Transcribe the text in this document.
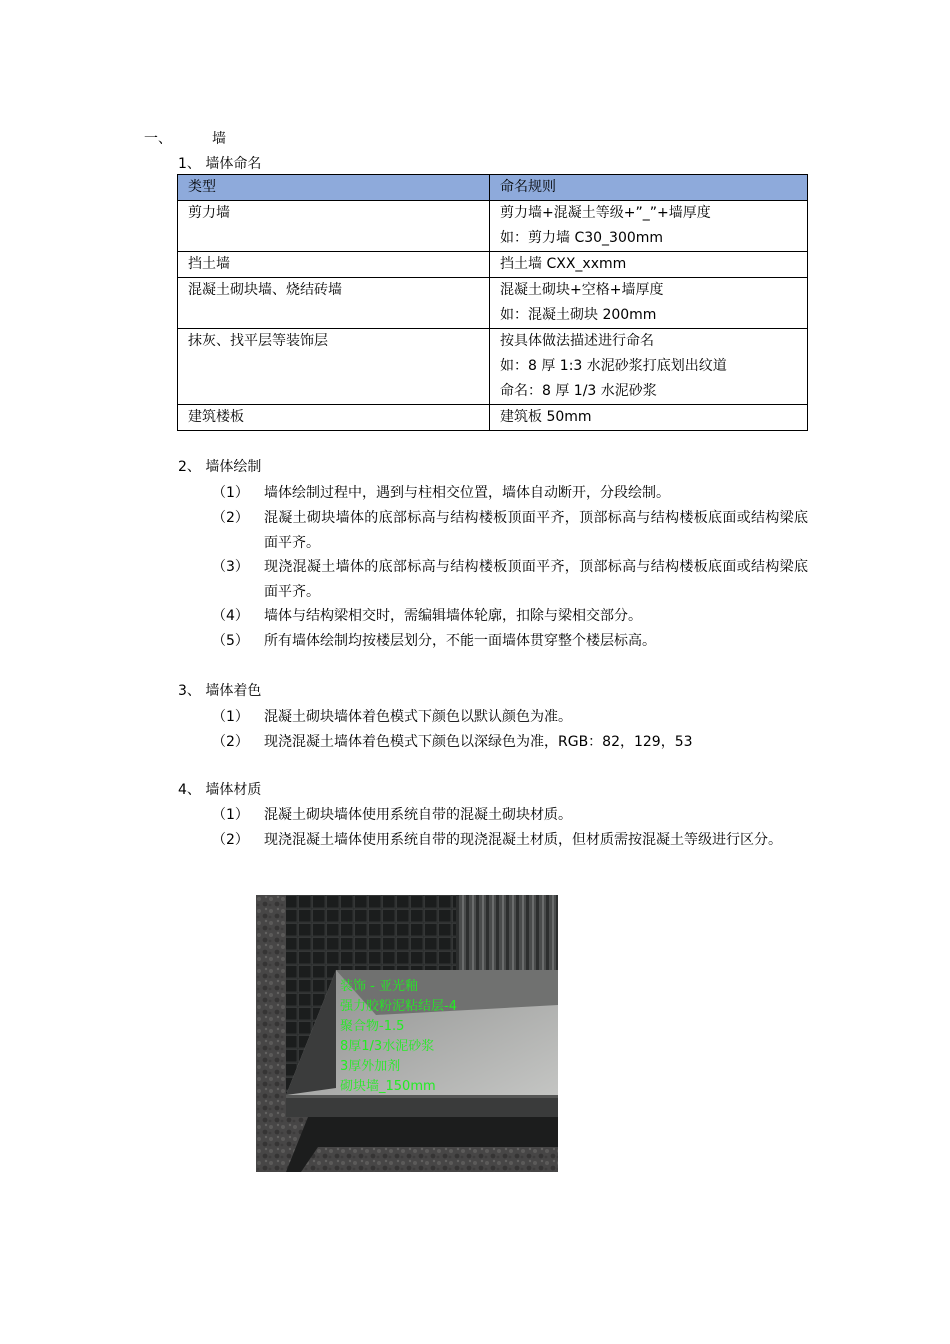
一、	墙
1、 墙体命名
类型	命名规则
剪力墙	剪力墙+混凝土等级+”_”+墙厚度
如：剪力墙 C30_300mm

挡土墙	挡土墙 CXX_xxmm

混凝土砌块墙、烧结砖墙	混凝土砌块+空格+墙厚度
如：混凝土砌块 200mm

抹灰、找平层等装饰层	按具体做法描述进行命名
如：8 厚 1:3 水泥砂浆打底划出纹道
命名：8 厚 1/3 水泥砂浆

建筑楼板	建筑板 50mm
2、 墙体绘制
（1） 墙体绘制过程中，遇到与柱相交位置，墙体自动断开，分段绘制。
（2） 混凝土砌块墙体的底部标高与结构楼板顶面平齐，顶部标高与结构楼板底面或结构梁底面平齐。
（3） 现浇混凝土墙体的底部标高与结构楼板顶面平齐，顶部标高与结构楼板底面或结构梁底面平齐。
（4） 墙体与结构梁相交时，需编辑墙体轮廓，扣除与梁相交部分。
（5） 所有墙体绘制均按楼层划分，不能一面墙体贯穿整个楼层标高。
3、 墙体着色
（1） 混凝土砌块墙体着色模式下颜色以默认颜色为准。
（2） 现浇混凝土墙体着色模式下颜色以深绿色为准，RGB：82，129，53
4、 墙体材质
（1） 混凝土砌块墙体使用系统自带的混凝土砌块材质。
（2） 现浇混凝土墙体使用系统自带的现浇混凝土材质，但材质需按混凝土等级进行区分。
装饰 - 亚光釉
强力胶粉泥粘结层-4
聚合物-1.5
8厚1/3水泥砂浆
3厚外加剂
砌块墙_150mm
